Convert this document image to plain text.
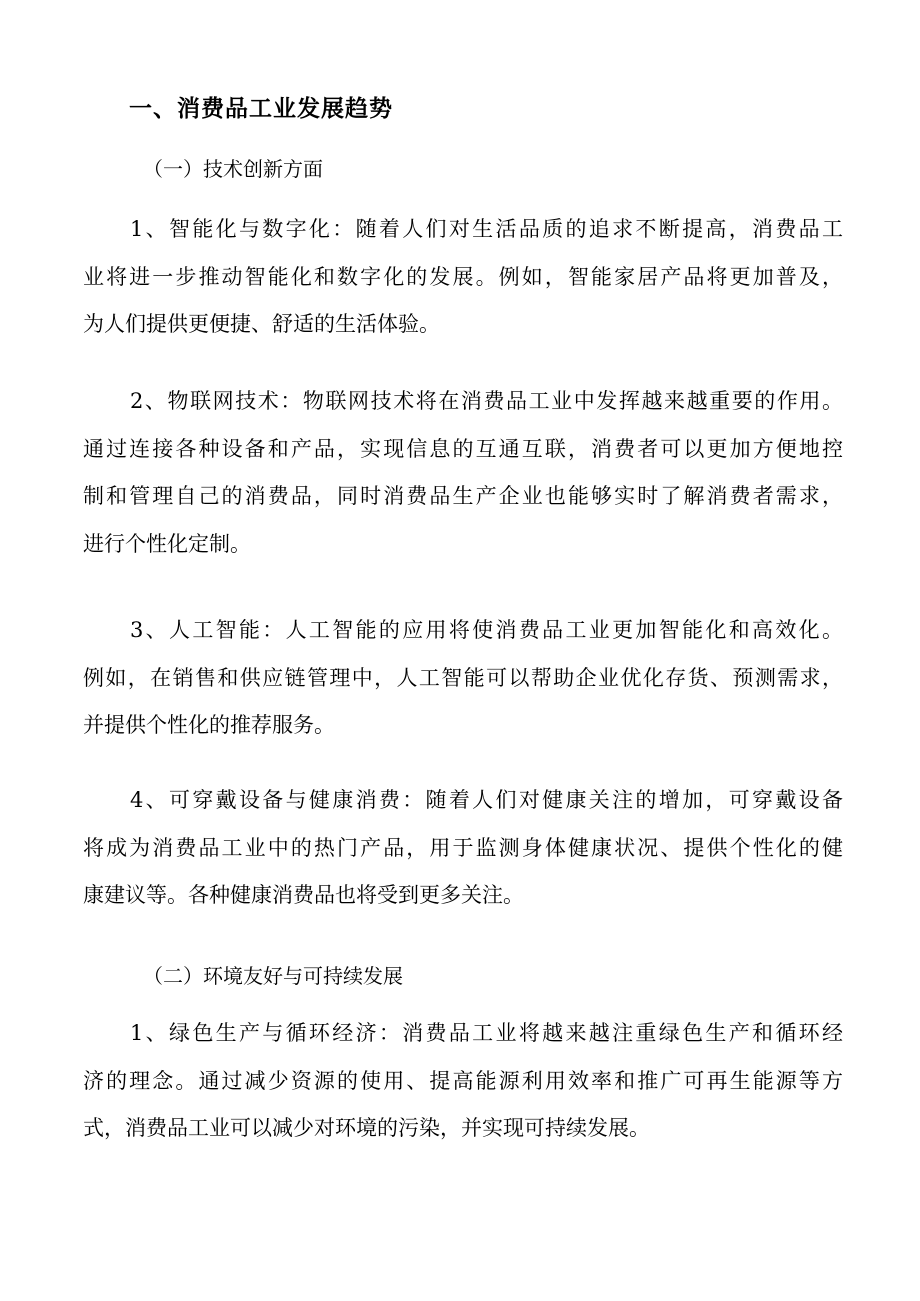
一、消费品工业发展趋势
（一）技术创新方面
1、智能化与数字化：随着人们对生活品质的追求不断提高，消费品工
业将进一步推动智能化和数字化的发展。例如，智能家居产品将更加普及，
为人们提供更便捷、舒适的生活体验。
2、物联网技术：物联网技术将在消费品工业中发挥越来越重要的作用。
通过连接各种设备和产品，实现信息的互通互联，消费者可以更加方便地控
制和管理自己的消费品，同时消费品生产企业也能够实时了解消费者需求，
进行个性化定制。
3、人工智能：人工智能的应用将使消费品工业更加智能化和高效化。
例如，在销售和供应链管理中，人工智能可以帮助企业优化存货、预测需求，
并提供个性化的推荐服务。
4、可穿戴设备与健康消费：随着人们对健康关注的增加，可穿戴设备
将成为消费品工业中的热门产品，用于监测身体健康状况、提供个性化的健
康建议等。各种健康消费品也将受到更多关注。
（二）环境友好与可持续发展
1、绿色生产与循环经济：消费品工业将越来越注重绿色生产和循环经
济的理念。通过减少资源的使用、提高能源利用效率和推广可再生能源等方
式，消费品工业可以减少对环境的污染，并实现可持续发展。
